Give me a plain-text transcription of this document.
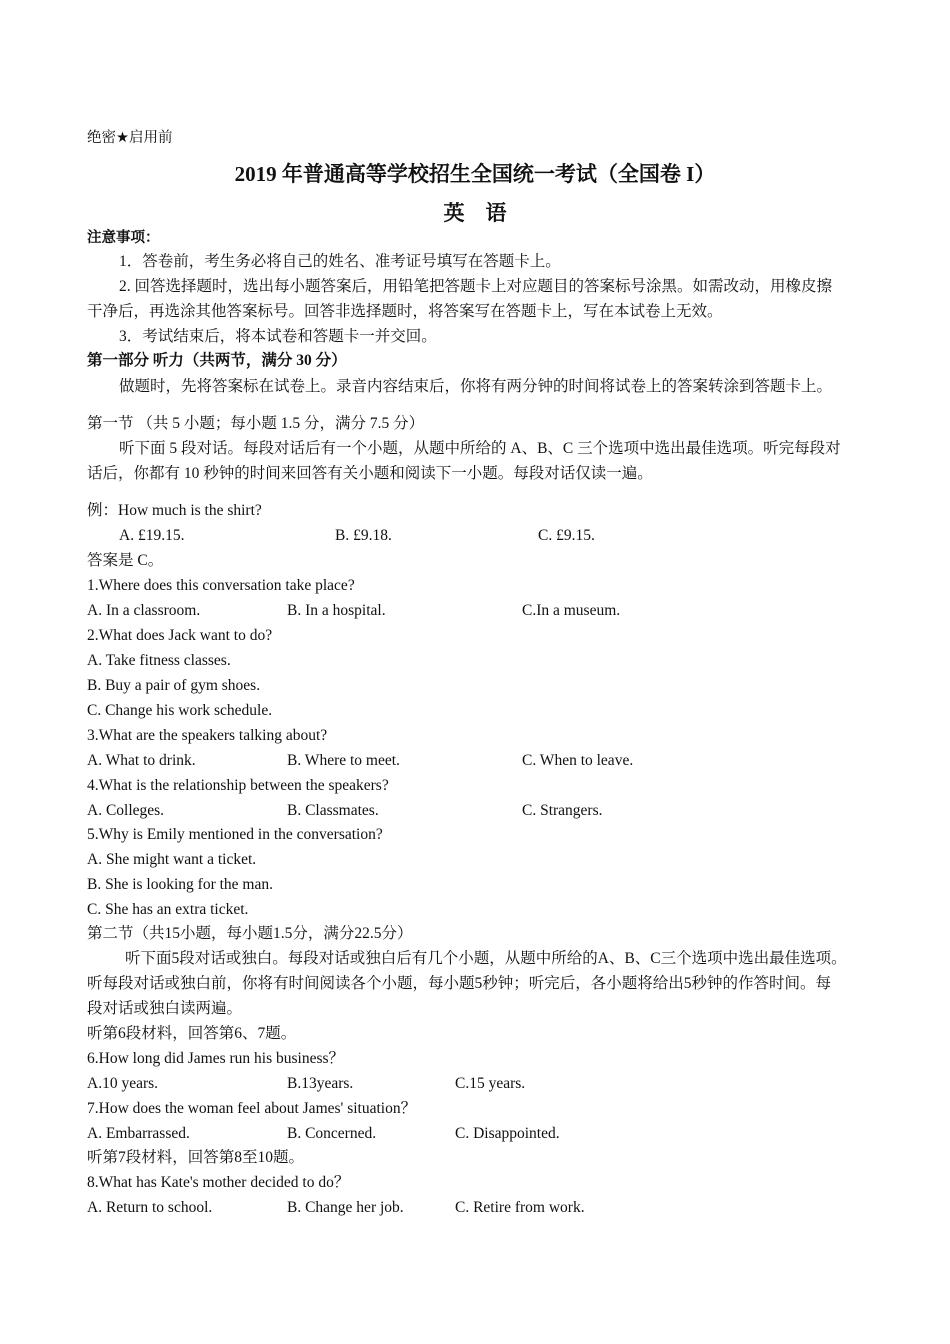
绝密★启用前
2019 年普通高等学校招生全国统一考试（全国卷 I）
英　语
注意事项：
1．答卷前，考生务必将自己的姓名、准考证号填写在答题卡上。
2. 回答选择题时，选出每小题答案后，用铅笔把答题卡上对应题目的答案标号涂黑。如需改动，用橡皮擦
干净后，再选涂其他答案标号。回答非选择题时，将答案写在答题卡上，写在本试卷上无效。
3．考试结束后，将本试卷和答题卡一并交回。
第一部分 听力（共两节，满分 30 分）
做题时，先将答案标在试卷上。录音内容结束后，你将有两分钟的时间将试卷上的答案转涂到答题卡上。
第一节 （共 5 小题；每小题 1.5 分，满分 7.5 分）
听下面 5 段对话。每段对话后有一个小题，从题中所给的 A、B、C 三个选项中选出最佳选项。听完每段对
话后，你都有 10 秒钟的时间来回答有关小题和阅读下一小题。每段对话仅读一遍。
例：How much is the shirt?
A. £19.15.	B. £9.18.	C. £9.15.
答案是 C。
1.Where does this conversation take place?
A. In a classroom.	B. In a hospital.	C.In a museum.
2.What does Jack want to do?
A. Take fitness classes.
B. Buy a pair of gym shoes.
C. Change his work schedule.
3.What are the speakers talking about?
A. What to drink.	B. Where to meet.	C. When to leave.
4.What is the relationship between the speakers?
A. Colleges.	B. Classmates.	C. Strangers.
5.Why is Emily mentioned in the conversation?
A. She might want a ticket.
B. She is looking for the man.
C. She has an extra ticket.
第二节（共15小题，每小题1.5分，满分22.5分）
听下面5段对话或独白。每段对话或独白后有几个小题，从题中所给的A、B、C三个选项中选出最佳选项。
听每段对话或独白前，你将有时间阅读各个小题，每小题5秒钟；听完后，各小题将给出5秒钟的作答时间。每
段对话或独白读两遍。
听第6段材料，回答第6、7题。
6.How long did James run his business？
A.10 years.	B.13years.	C.15 years.
7.How does the woman feel about James' situation？
A. Embarrassed.	B. Concerned.	C. Disappointed.
听第7段材料，回答第8至10题。
8.What has Kate's mother decided to do？
A. Return to school.	B. Change her job.	C. Retire from work.
